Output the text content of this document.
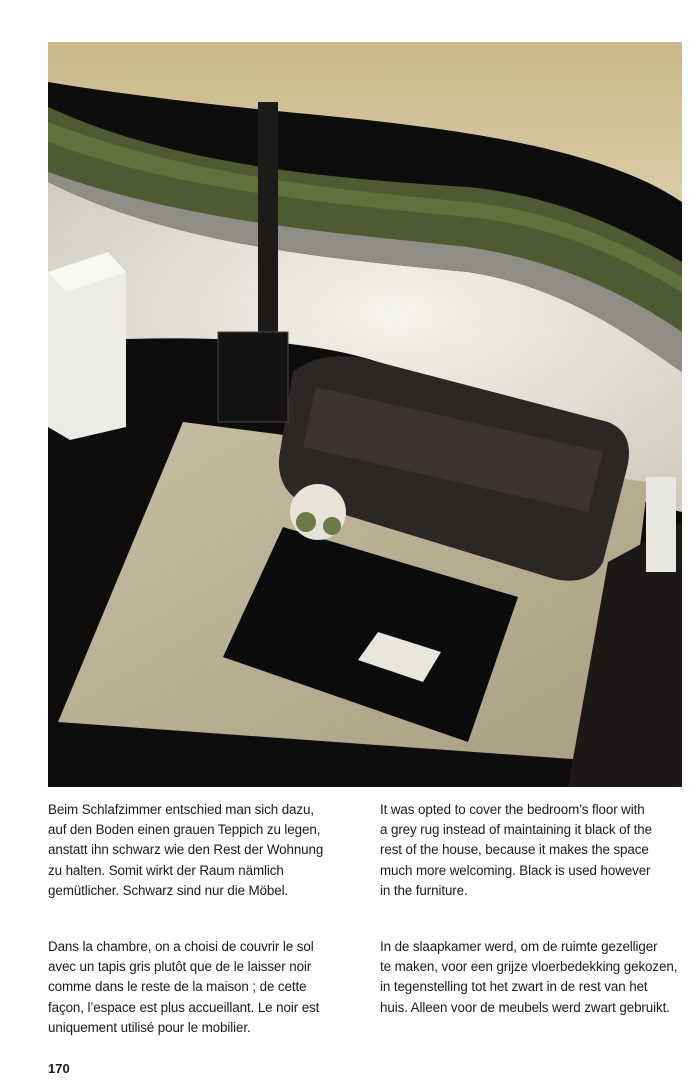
Beim Schlafzimmer entschied man sich dazu,
auf den Boden einen grauen Teppich zu legen,
anstatt ihn schwarz wie den Rest der Wohnung
zu halten. Somit wirkt der Raum nämlich
gemütlicher. Schwarz sind nur die Möbel.

It was opted to cover the bedroom’s floor with
a grey rug instead of maintaining it black of the
rest of the house, because it makes the space
much more welcoming. Black is used however
in the furniture.

Dans la chambre, on a choisi de couvrir le sol
avec un tapis gris plutôt que de le laisser noir
comme dans le reste de la maison ; de cette
façon, l’espace est plus accueillant. Le noir est
uniquement utilisé pour le mobilier.

In de slaapkamer werd, om de ruimte gezelliger
te maken, voor een grijze vloerbedekking gekozen,
in tegenstelling tot het zwart in de rest van het
huis. Alleen voor de meubels werd zwart gebruikt.

170
